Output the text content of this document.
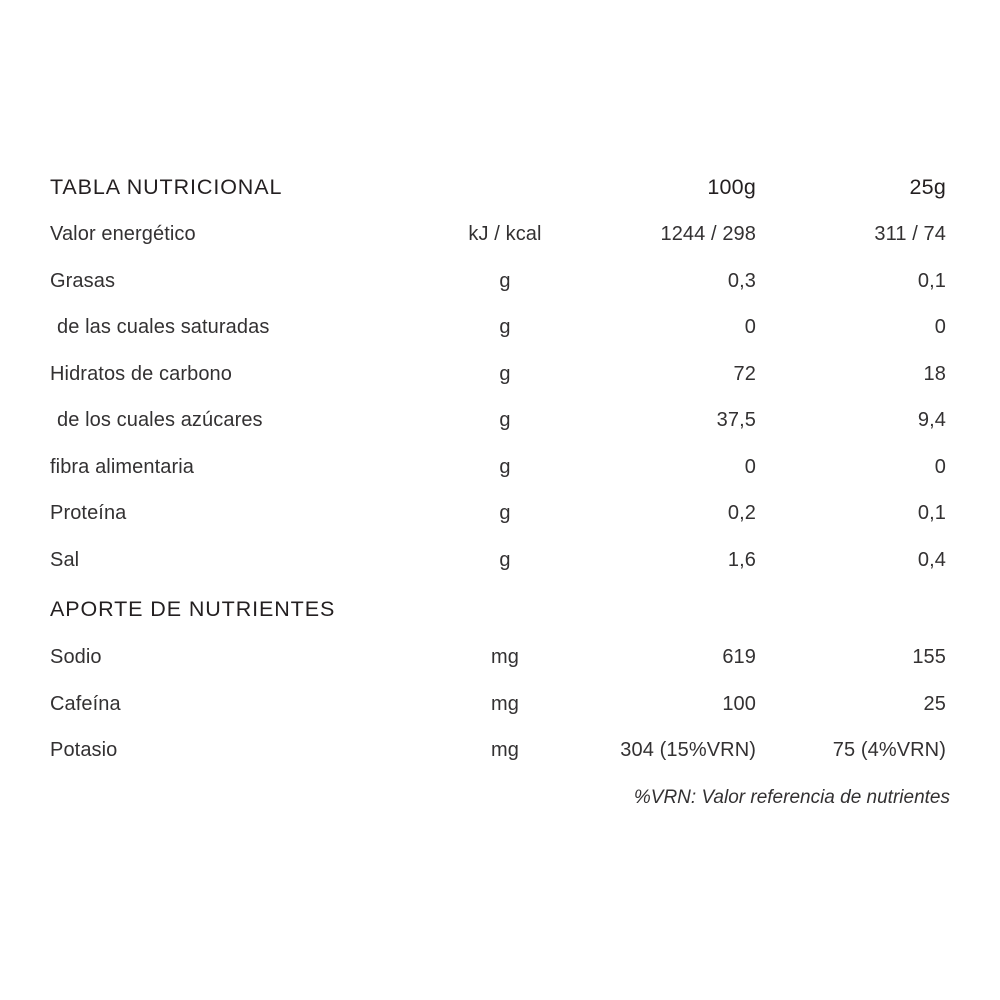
TABLA NUTRICIONAL		100g	25g

Valor energético	kJ / kcal	1244 / 298	311 / 74

Grasas	g	0,3	0,1

de las cuales saturadas	g	0	0

Hidratos de carbono	g	72	18

de los cuales azúcares	g	37,5	9,4

fibra alimentaria	g	0	0

Proteína	g	0,2	0,1

Sal	g	1,6	0,4

APORTE DE NUTRIENTES			

Sodio	mg	619	155

Cafeína	mg	100	25

Potasio	mg	304 (15%VRN)	75 (4%VRN)

%VRN: Valor referencia de nutrientes			
